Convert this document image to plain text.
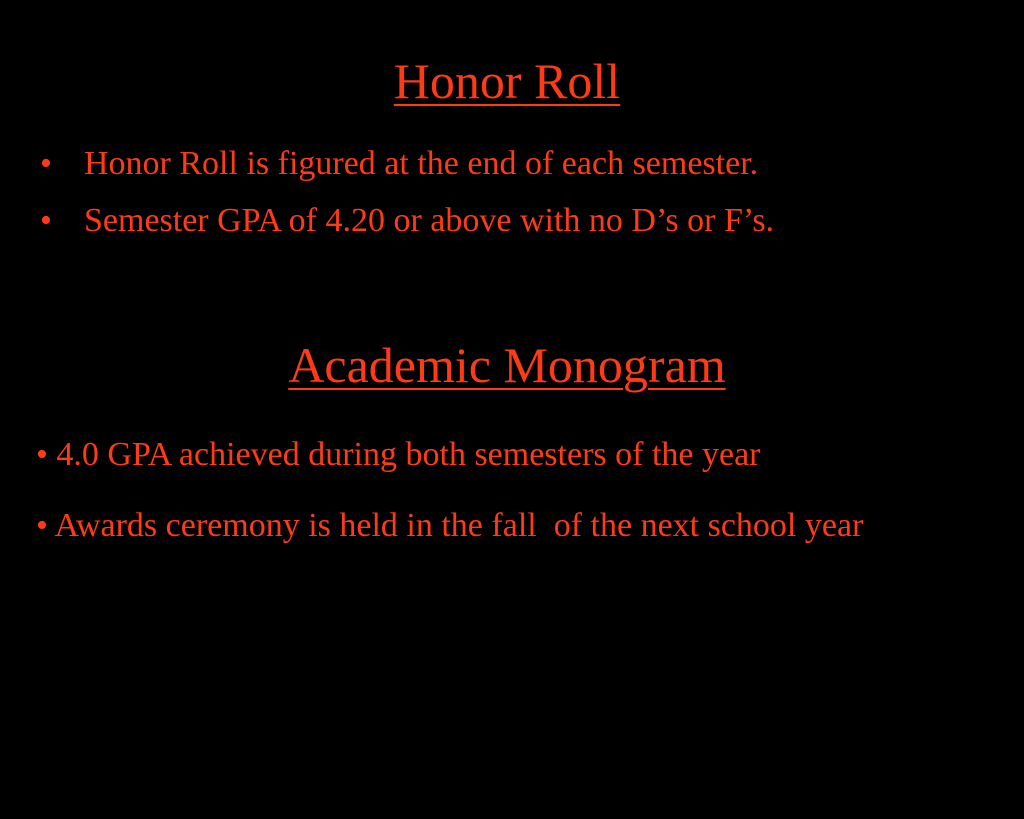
Honor Roll
• Honor Roll is figured at the end of each semester.
• Semester GPA of 4.20 or above with no D’s or F’s.
Academic Monogram
• 4.0 GPA achieved during both semesters of the year
• Awards ceremony is held in the fall  of the next school year
